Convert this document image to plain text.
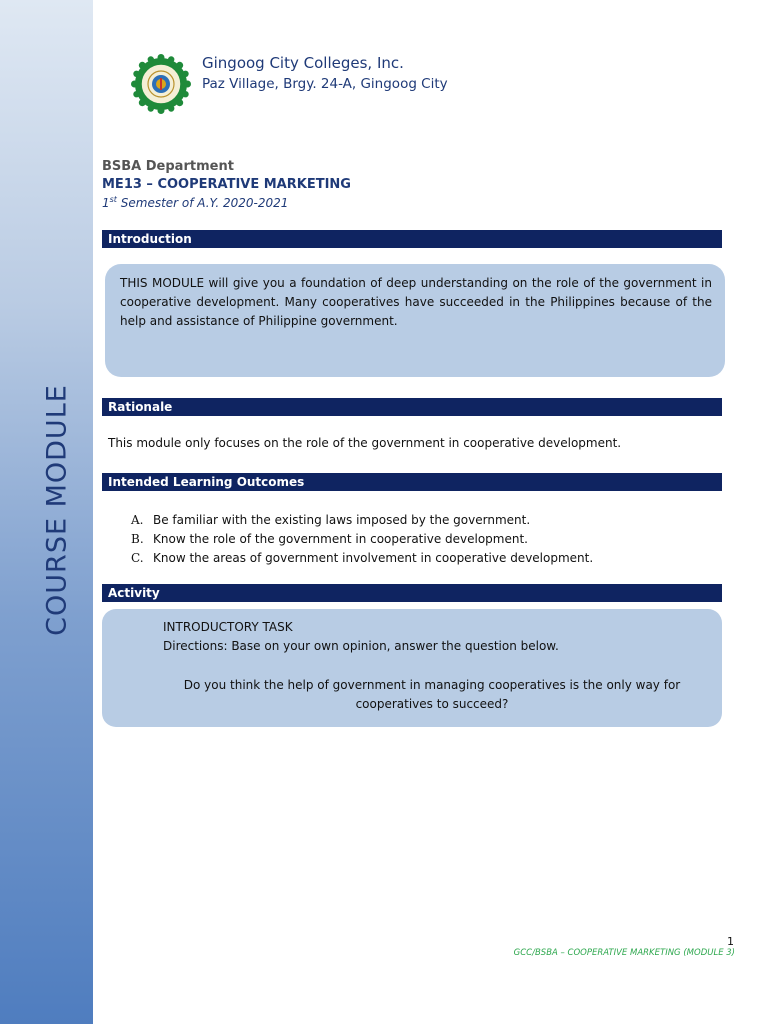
COURSE MODULE
Gingoog City Colleges, Inc.
Paz Village, Brgy. 24-A, Gingoog City
BSBA Department
ME13 – COOPERATIVE MARKETING
1st Semester of A.Y. 2020-2021
Introduction

THIS MODULE will give you a foundation of deep understanding on the role of the government in cooperative development. Many cooperatives have succeeded in the Philippines because of the help and assistance of Philippine government.

Rationale
This module only focuses on the role of the government in cooperative development.
Intended Learning Outcomes
A. Be familiar with the existing laws imposed by the government.
B. Know the role of the government in cooperative development.
C. Know the areas of government involvement in cooperative development.
Activity
INTRODUCTORY TASK
Directions: Base on your own opinion, answer the question below.
Do you think the help of government in managing cooperatives is the only way for cooperatives to succeed?
1
GCC/BSBA – COOPERATIVE MARKETING (MODULE 3)
